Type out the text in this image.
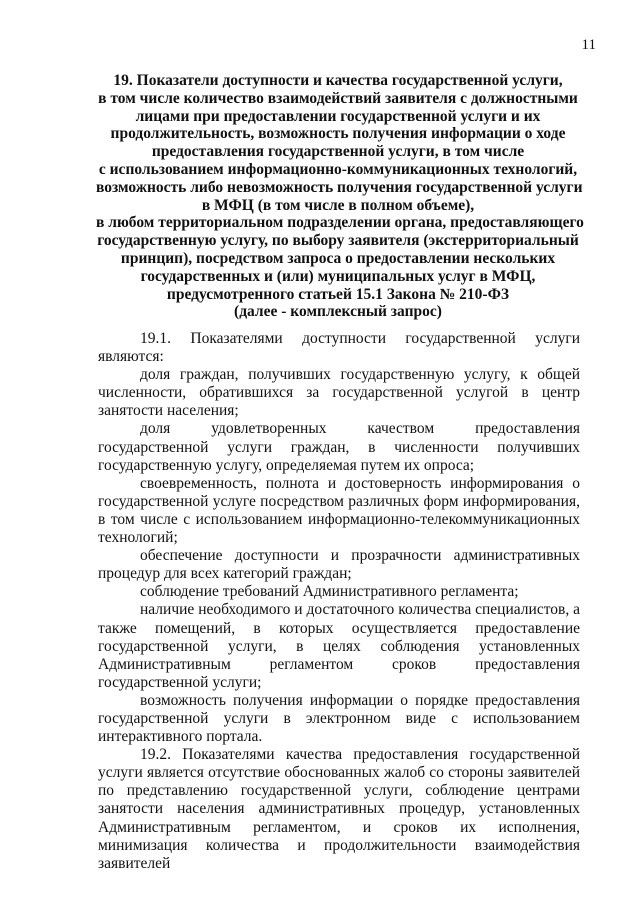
11
19. Показатели доступности и качества государственной услуги,
в том числе количество взаимодействий заявителя с должностными
лицами при предоставлении государственной услуги и их
продолжительность, возможность получения информации о ходе
предоставления государственной услуги, в том числе
с использованием информационно-коммуникационных технологий,
возможность либо невозможность получения государственной услуги
в МФЦ (в том числе в полном объеме),
в любом территориальном подразделении органа, предоставляющего
государственную услугу, по выбору заявителя (экстерриториальный
принцип), посредством запроса о предоставлении нескольких
государственных и (или) муниципальных услуг в МФЦ,
предусмотренного статьей 15.1 Закона № 210-ФЗ
(далее - комплексный запрос)

19.1. Показателями доступности государственной услуги являются:

доля граждан, получивших государственную услугу, к общей численности, обратившихся за государственной услугой в центр занятости населения;

доля удовлетворенных качеством предоставления государственной услуги граждан, в численности получивших государственную услугу, определяемая путем их опроса;

своевременность, полнота и достоверность информирования о государственной услуге посредством различных форм информирования, в том числе с использованием информационно-телекоммуникационных технологий;

обеспечение доступности и прозрачности административных процедур для всех категорий граждан;

соблюдение требований Административного регламента;

наличие необходимого и достаточного количества специалистов, а также помещений, в которых осуществляется предоставление государственной услуги, в целях соблюдения установленных Административным регламентом сроков предоставления государственной услуги;

возможность получения информации о порядке предоставления государственной услуги в электронном виде с использованием интерактивного портала.

19.2. Показателями качества предоставления государственной услуги является отсутствие обоснованных жалоб со стороны заявителей по представлению государственной услуги, соблюдение центрами занятости населения административных процедур, установленных Административным регламентом, и сроков их исполнения, минимизация количества и продолжительности взаимодействия заявителей
